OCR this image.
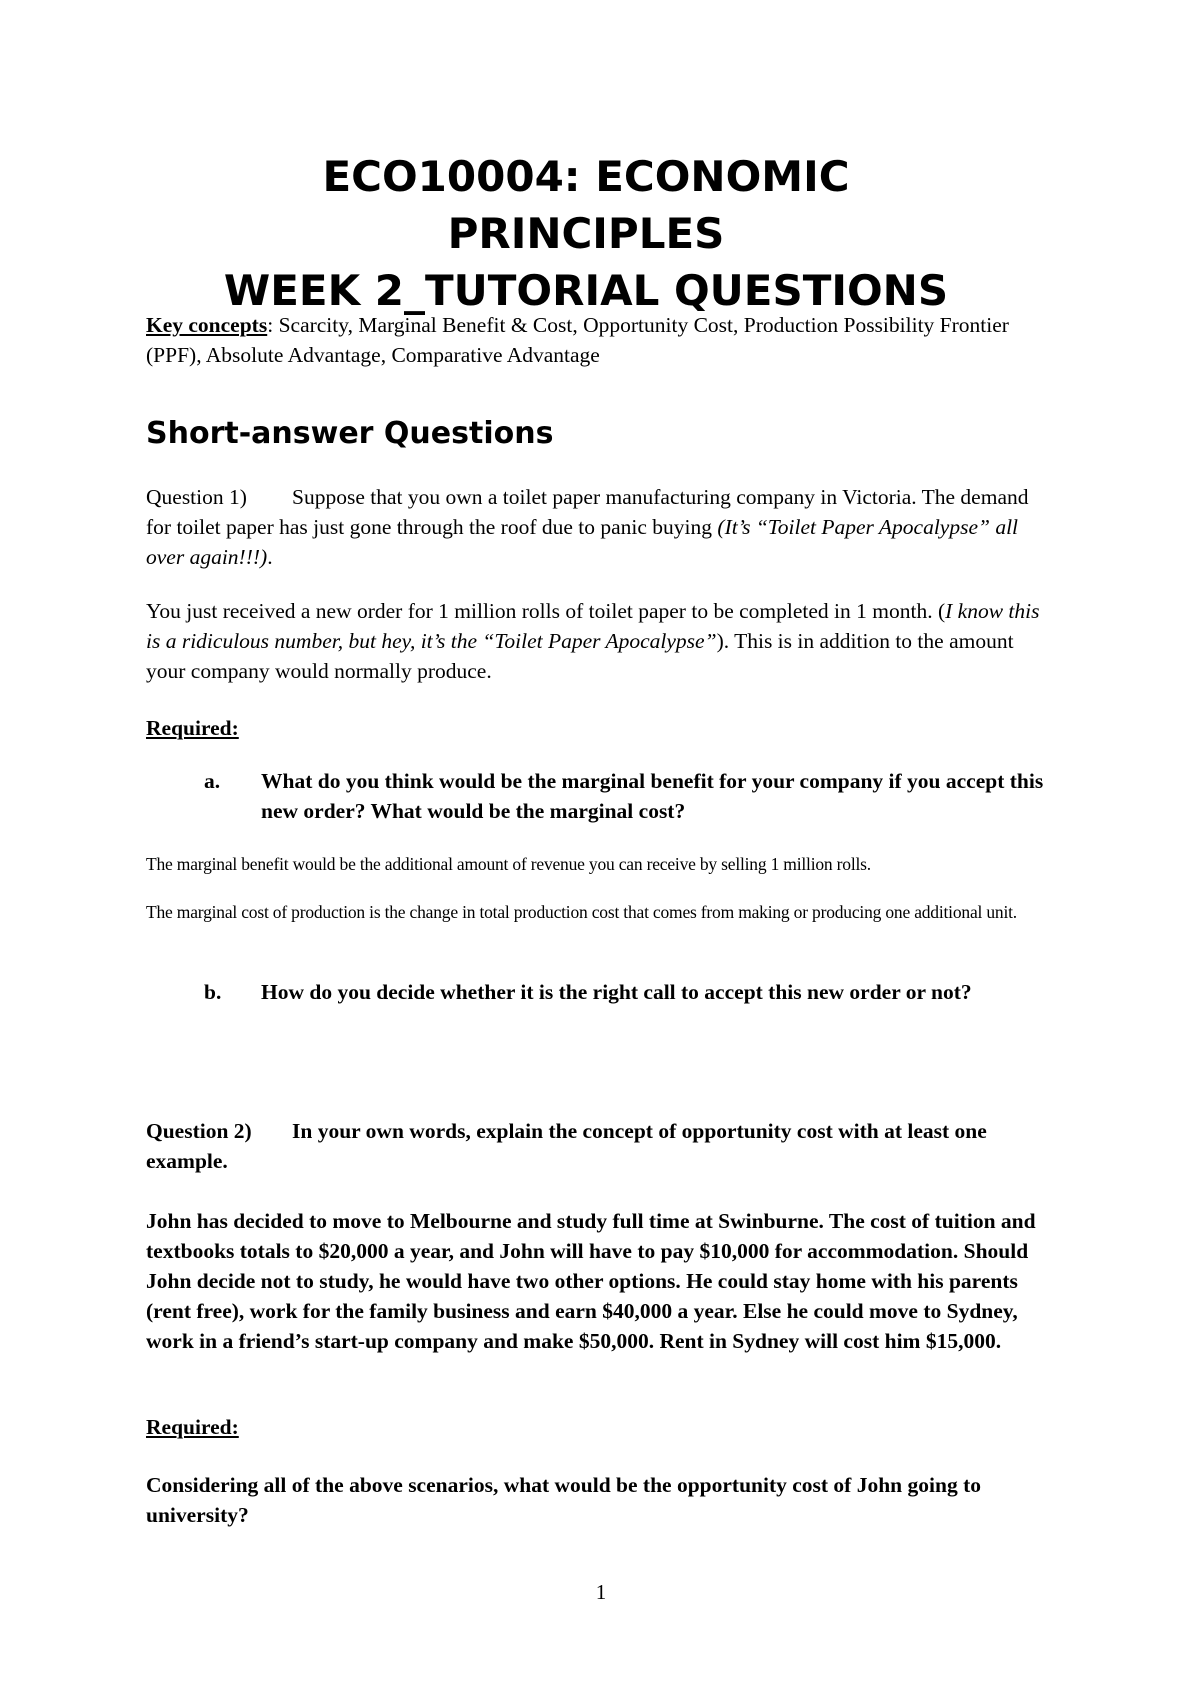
ECO10004: ECONOMIC
PRINCIPLES
WEEK 2_TUTORIAL QUESTIONS

Key concepts: Scarcity, Marginal Benefit & Cost, Opportunity Cost, Production Possibility Frontier (PPF), Absolute Advantage, Comparative Advantage

Short-answer Questions

Question 1) Suppose that you own a toilet paper manufacturing company in Victoria. The demand for toilet paper has just gone through the roof due to panic buying (It’s “Toilet Paper Apocalypse” all over again!!!).

You just received a new order for 1 million rolls of toilet paper to be completed in 1 month. (I know this is a ridiculous number, but hey, it’s the “Toilet Paper Apocalypse”). This is in addition to the amount your company would normally produce.

Required:

a. What do you think would be the marginal benefit for your company if you accept this new order? What would be the marginal cost?

The marginal benefit would be the additional amount of revenue you can receive by selling 1 million rolls.

The marginal cost of production is the change in total production cost that comes from making or producing one additional unit.

b. How do you decide whether it is the right call to accept this new order or not?

Question 2) In your own words, explain the concept of opportunity cost with at least one example.

John has decided to move to Melbourne and study full time at Swinburne. The cost of tuition and textbooks totals to $20,000 a year, and John will have to pay $10,000 for accommodation. Should John decide not to study, he would have two other options. He could stay home with his parents (rent free), work for the family business and earn $40,000 a year. Else he could move to Sydney, work in a friend’s start-up company and make $50,000. Rent in Sydney will cost him $15,000.

Required:

Considering all of the above scenarios, what would be the opportunity cost of John going to university?

1
